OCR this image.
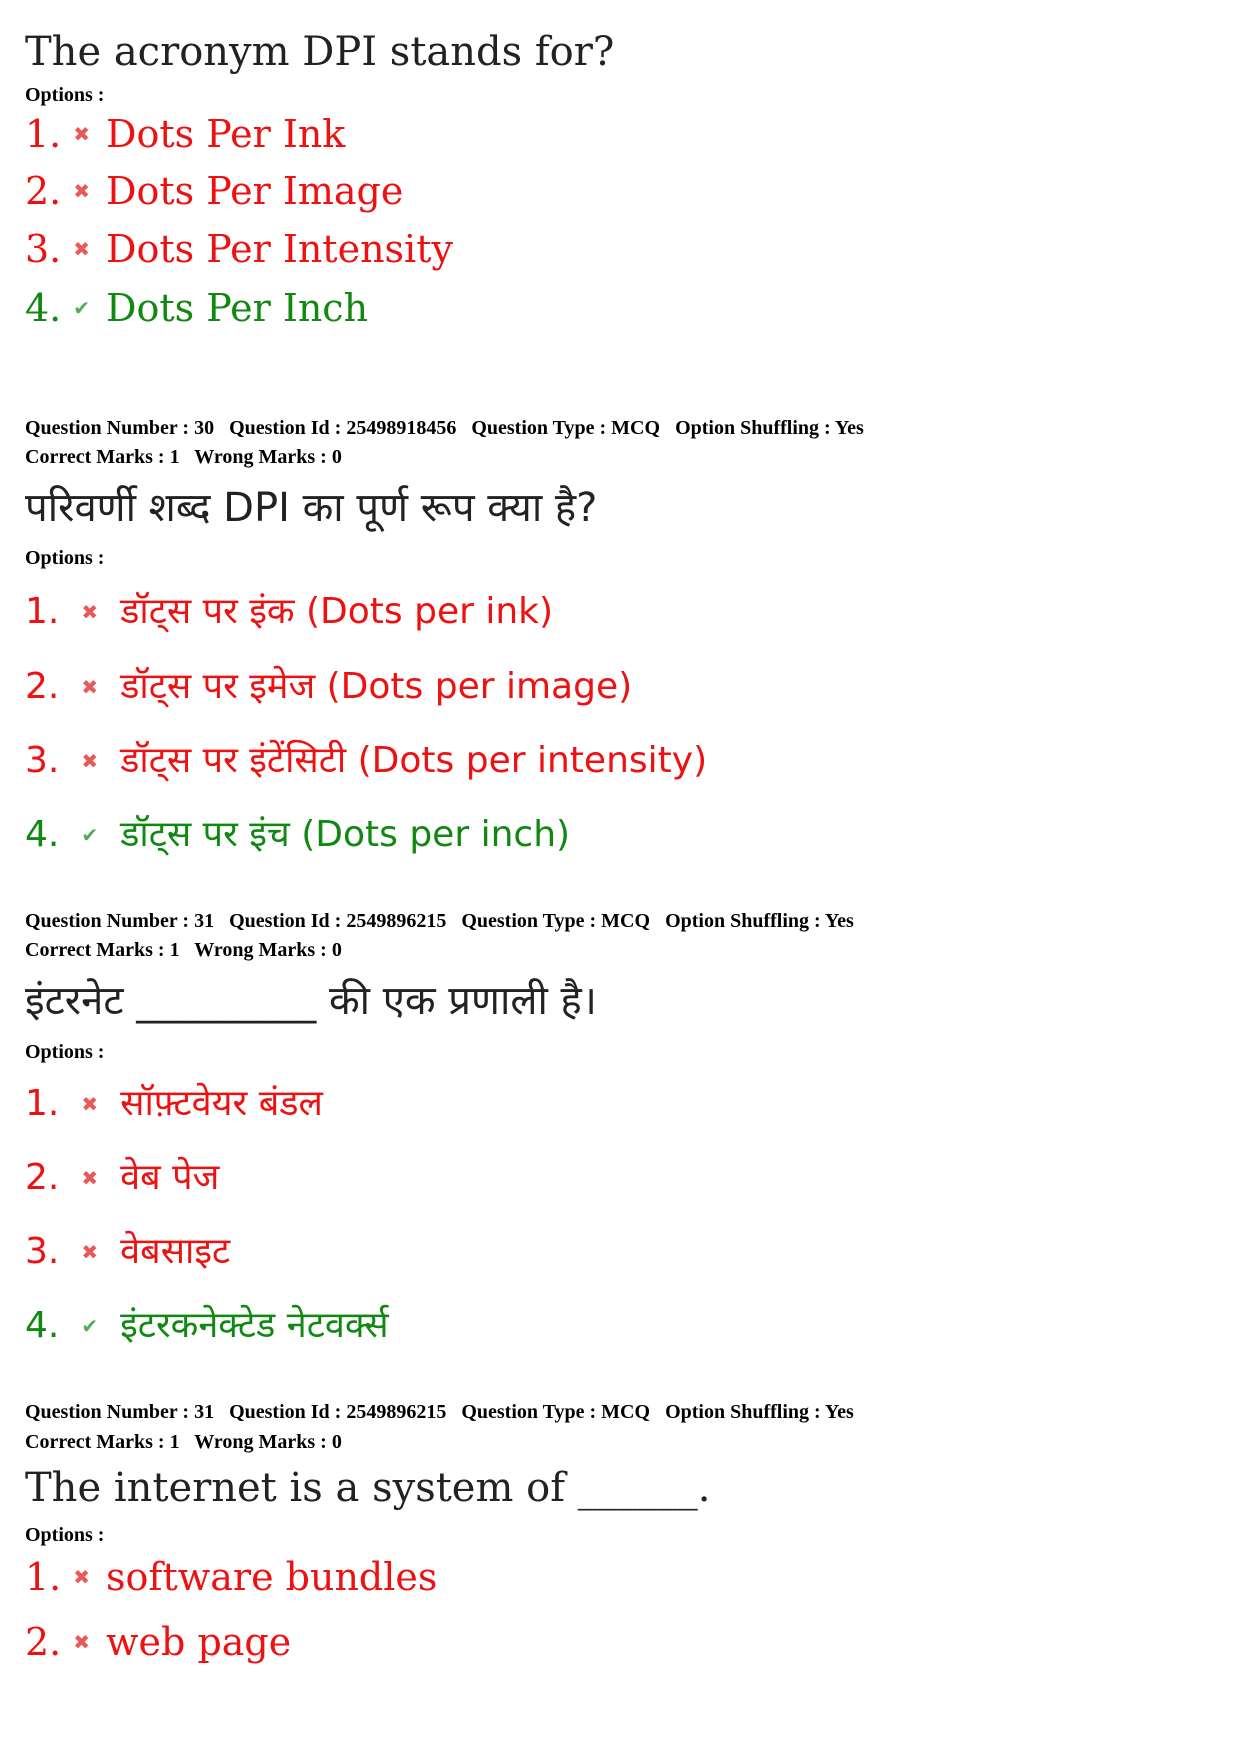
The acronym DPI stands for?
Options :
1. ✖ Dots Per Ink
2. ✖ Dots Per Image
3. ✖ Dots Per Intensity
4. ✔ Dots Per Inch
Question Number : 30 Question Id : 25498918456 Question Type : MCQ Option Shuffling : Yes
Correct Marks : 1 Wrong Marks : 0
परिवर्णी शब्द DPI का पूर्ण रूप क्या है?
Options :
1. ✖ डॉट्स पर इंक (Dots per ink)
2. ✖ डॉट्स पर इमेज (Dots per image)
3. ✖ डॉट्स पर इंटेंसिटी (Dots per intensity)
4. ✔ डॉट्स पर इंच (Dots per inch)
Question Number : 31 Question Id : 2549896215 Question Type : MCQ Option Shuffling : Yes
Correct Marks : 1 Wrong Marks : 0
इंटरनेट _________ की एक प्रणाली है।
Options :
1. ✖ सॉफ़्टवेयर बंडल
2. ✖ वेब पेज
3. ✖ वेबसाइट
4. ✔ इंटरकनेक्टेड नेटवर्क्स
Question Number : 31 Question Id : 2549896215 Question Type : MCQ Option Shuffling : Yes
Correct Marks : 1 Wrong Marks : 0
The internet is a system of ______.
Options :
1. ✖ software bundles
2. ✖ web page
